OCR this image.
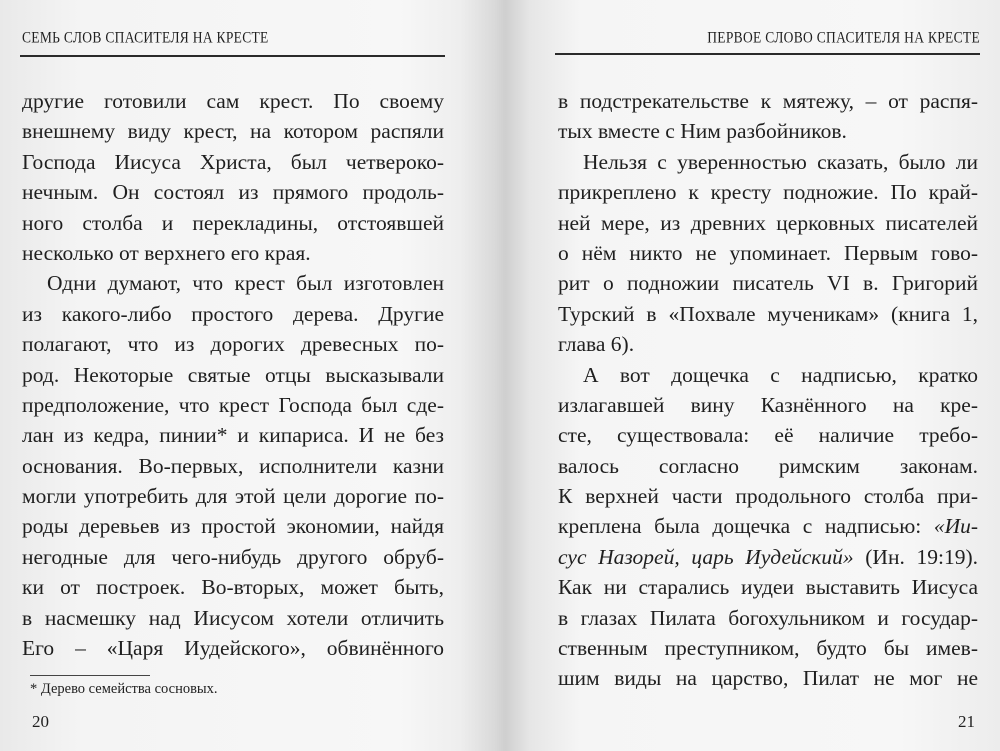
СЕМЬ СЛОВ СПАСИТЕЛЯ НА КРЕСТЕ
другие готовили сам крест. По своему
внешнему виду крест, на котором распяли
Господа Иисуса Христа, был четвероко-
нечным. Он состоял из прямого продоль-
ного столба и перекладины, отстоявшей
несколько от верхнего его края.
Одни думают, что крест был изготовлен
из какого-либо простого дерева. Другие
полагают, что из дорогих древесных по-
род. Некоторые святые отцы высказывали
предположение, что крест Господа был сде-
лан из кедра, пинии* и кипариса. И не без
основания. Во-первых, исполнители казни
могли употребить для этой цели дорогие по-
роды деревьев из простой экономии, найдя
негодные для чего-нибудь другого обруб-
ки от построек. Во-вторых, может быть,
в насмешку над Иисусом хотели отличить
Его – «Царя Иудейского», обвинённого
* Дерево семейства сосновых.
20
ПЕРВОЕ СЛОВО СПАСИТЕЛЯ НА КРЕСТЕ
в подстрекательстве к мятежу, – от распя-
тых вместе с Ним разбойников.
Нельзя с уверенностью сказать, было ли
прикреплено к кресту подножие. По край-
ней мере, из древних церковных писателей
о нём никто не упоминает. Первым гово-
рит о подножии писатель VI в. Григорий
Турский в «Похвале мученикам» (книга 1,
глава 6).
А вот дощечка с надписью, кратко
излагавшей вину Казнённого на кре-
сте, существовала: её наличие требо-
валось согласно римским законам.
К верхней части продольного столба при-
креплена была дощечка с надписью: «Ии-
сус Назорей, царь Иудейский» (Ин. 19:19).
Как ни старались иудеи выставить Иисуса
в глазах Пилата богохульником и государ-
ственным преступником, будто бы имев-
шим виды на царство, Пилат не мог не
21
